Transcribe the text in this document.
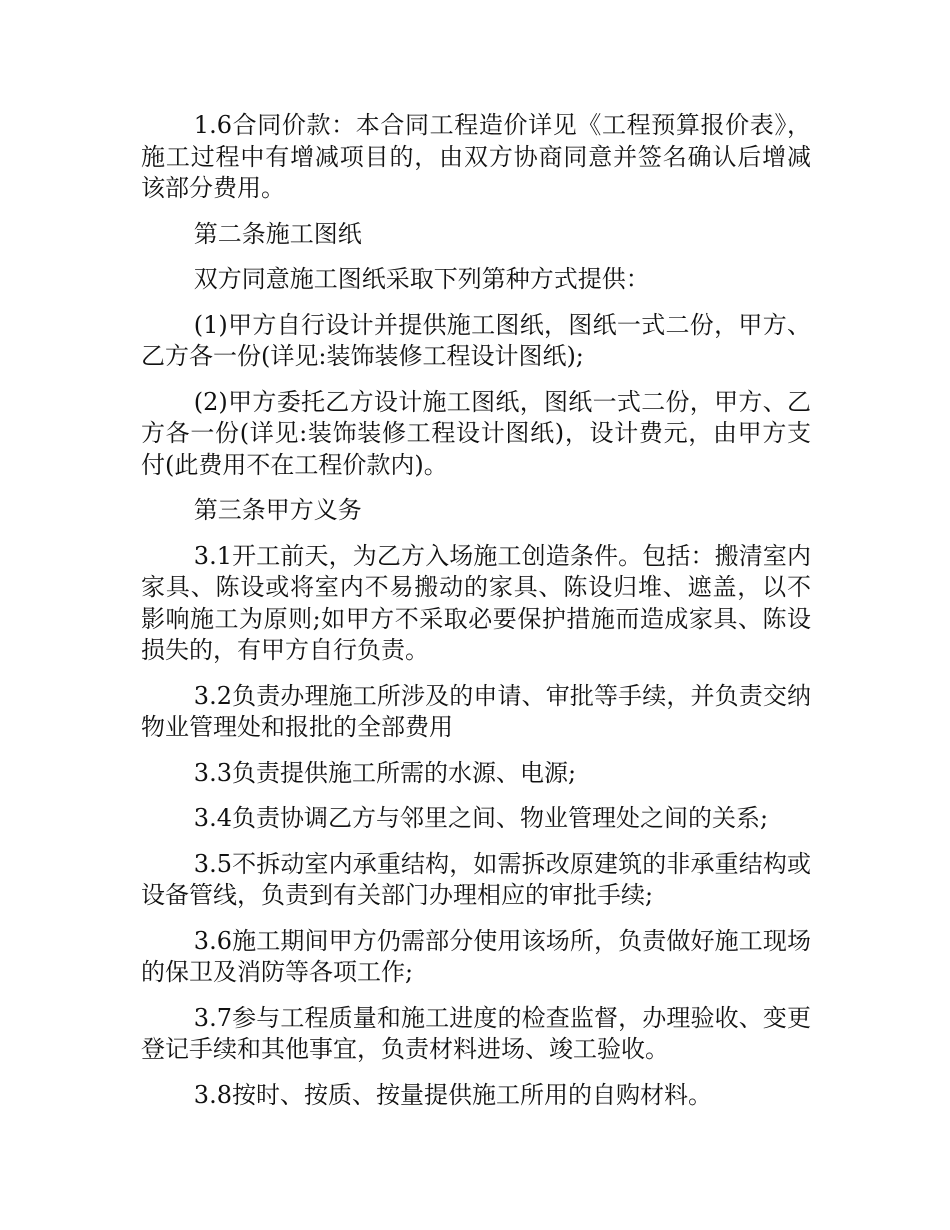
1.6合同价款：本合同工程造价详见《工程预算报价表》，施工过程中有增减项目的，由双方协商同意并签名确认后增减该部分费用。

第二条施工图纸

双方同意施工图纸采取下列第种方式提供：

(1)甲方自行设计并提供施工图纸，图纸一式二份，甲方、乙方各一份(详见:装饰装修工程设计图纸);

(2)甲方委托乙方设计施工图纸，图纸一式二份，甲方、乙方各一份(详见:装饰装修工程设计图纸)，设计费元，由甲方支付(此费用不在工程价款内)。

第三条甲方义务

3.1开工前天，为乙方入场施工创造条件。包括：搬清室内家具、陈设或将室内不易搬动的家具、陈设归堆、遮盖，以不影响施工为原则;如甲方不采取必要保护措施而造成家具、陈设损失的，有甲方自行负责。

3.2负责办理施工所涉及的申请、审批等手续，并负责交纳物业管理处和报批的全部费用

3.3负责提供施工所需的水源、电源;

3.4负责协调乙方与邻里之间、物业管理处之间的关系;

3.5不拆动室内承重结构，如需拆改原建筑的非承重结构或设备管线，负责到有关部门办理相应的审批手续;

3.6施工期间甲方仍需部分使用该场所，负责做好施工现场的保卫及消防等各项工作;

3.7参与工程质量和施工进度的检查监督，办理验收、变更登记手续和其他事宜，负责材料进场、竣工验收。

3.8按时、按质、按量提供施工所用的自购材料。
